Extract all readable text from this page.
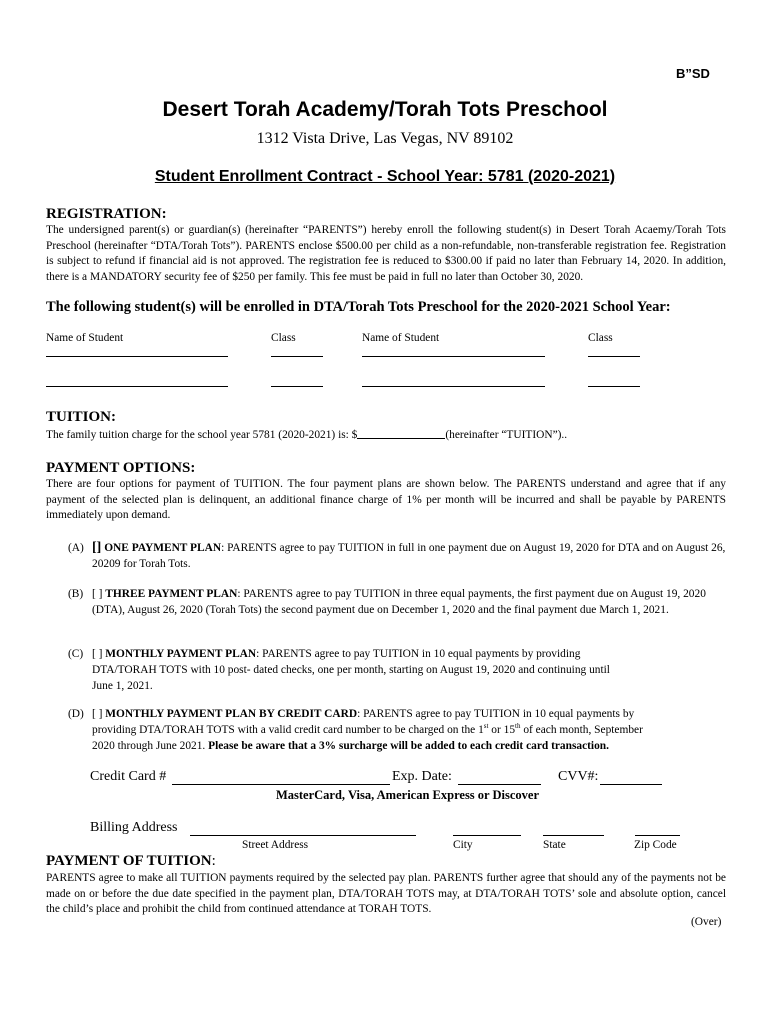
B”SD
Desert Torah Academy/Torah Tots Preschool
1312 Vista Drive, Las Vegas, NV 89102
Student Enrollment Contract - School Year: 5781 (2020-2021)
REGISTRATION:
The undersigned parent(s) or guardian(s) (hereinafter “PARENTS”) hereby enroll the following student(s) in Desert Torah Acaemy/Torah Tots Preschool (hereinafter “DTA/Torah Tots”). PARENTS enclose $500.00 per child as a non-refundable, non-transferable registration fee. Registration is subject to refund if financial aid is not approved. The registration fee is reduced to $300.00 if paid no later than February 14, 2020. In addition, there is a MANDATORY security fee of $250 per family. This fee must be paid in full no later than October 30, 2020.
The following student(s) will be enrolled in DTA/Torah Tots Preschool for the 2020-2021 School Year:
Name of Student	Class	Name of Student	Class
TUITION:
The family tuition charge for the school year 5781 (2020-2021) is: $	(hereinafter “TUITION”)..
PAYMENT OPTIONS:
There are four options for payment of TUITION. The four payment plans are shown below. The PARENTS understand and agree that if any payment of the selected plan is delinquent, an additional finance charge of 1% per month will be incurred and shall be payable by PARENTS immediately upon demand.
(A) [] ONE PAYMENT PLAN: PARENTS agree to pay TUITION in full in one payment due on August 19, 2020 for DTA and on August 26, 20209 for Torah Tots.
(B) [ ] THREE PAYMENT PLAN: PARENTS agree to pay TUITION in three equal payments, the first payment due on August 19, 2020 (DTA), August 26, 2020 (Torah Tots) the second payment due on December 1, 2020 and the final payment due March 1, 2021.
(C) [ ] MONTHLY PAYMENT PLAN: PARENTS agree to pay TUITION in 10 equal payments by providing
DTA/TORAH TOTS with 10 post- dated checks, one per month, starting on August 19, 2020 and continuing until
June 1, 2021.
(D) [ ] MONTHLY PAYMENT PLAN BY CREDIT CARD: PARENTS agree to pay TUITION in 10 equal payments by
providing DTA/TORAH TOTS with a valid credit card number to be charged on the 1st or 15th of each month, September
2020 through June 2021. Please be aware that a 3% surcharge will be added to each credit card transaction.
Credit Card #	Exp. Date:	CVV#:
MasterCard, Visa, American Express or Discover
Billing Address
Street Address	City	State	Zip Code
PAYMENT OF TUITION:
PARENTS agree to make all TUITION payments required by the selected pay plan. PARENTS further agree that should any of the payments not be made on or before the due date specified in the payment plan, DTA/TORAH TOTS may, at DTA/TORAH TOTS’ sole and absolute option, cancel the child’s place and prohibit the child from continued attendance at TORAH TOTS.
(Over)
